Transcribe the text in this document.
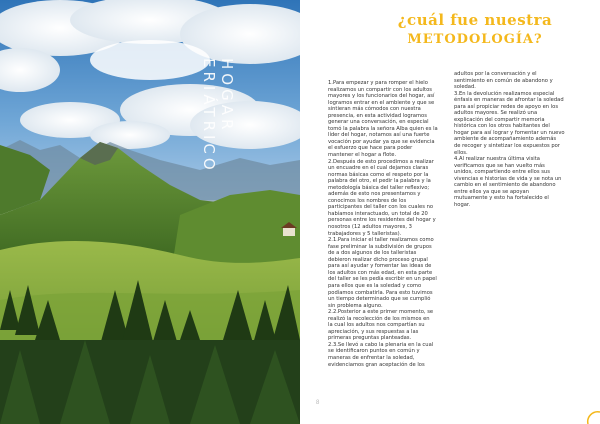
HOGAR
ERIÁTRICO
8
¿cuál fue nuestra
METODOLOGÍA?

1.Para empezar y para romper el hielo
realizamos un compartir con los adultos
mayores y los funcionarios del hogar, así
logramos entrar en el ambiente y que se
sintieran más cómodos con nuestra
presencia, en esta actividad logramos
generar una conversación, en especial
tomó la palabra la señora Alba quien es la
líder del hogar, notamos así una fuerte
vocación por ayudar ya que se evidencia
el esfuerzo que hace para poder
mantener el hogar a flote.
2.Después de esto procedimos a realizar
un encuadre en el cual dejamos claras
normas básicas como el respeto por la
palabra del otro, el pedir la palabra y la
metodología básica del taller reflexivo;
además de esto nos presentamos y
conocimos los nombres de los
participantes del taller con los cuales no
habíamos interactuado, un total de 20
personas entre los residentes del hogar y
nosotros (12 adultos mayores, 3
trabajadores y 5 talleristas).
2.1.Para iniciar el taller realizamos como
fase preliminar la subdivisión de grupos
de a dos algunos de los talleristas
debieron realizar dicho proceso grupal
para así ayudar y fomentar las ideas de
los adultos con más edad, en esta parte
del taller se les pedía escribir en un papel
para ellos que es la soledad y como
podíamos combatirla. Para esto tuvimos
un tiempo determinado que se cumplió
sin problema alguno.
2.2.Posterior a este primer momento, se
realizó la recolección de los mismos en
la cual los adultos nos compartían su
apreciación, y sus respuestas a las
primeras preguntas planteadas.
2.3.Se llevó a cabo la plenaria en la cual
se identificaron puntos en común y
maneras de enfrentar la soledad,
evidenciamos gran aceptación de los

adultos por la conversación y el
sentimiento en común de abandono y
soledad.
3.En la devolución realizamos especial
énfasis en maneras de afrontar la soledad
para así propiciar redes de apoyo en los
adultos mayores. Se realizó una
explicación del compartir memoria
histórica con los otros habitantes del
hogar para así lograr y fomentar un nuevo
ambiente de acompañamiento además
de recoger y sintetizar los expuestos por
ellos.
4.Al realizar nuestra última visita
verificamos que se han vuelto más
unidos, compartiendo entre ellos sus
vivencias e historias de vida y se nota un
cambio en el sentimiento de abandono
entre ellos ya que se apoyan
mutuamente y esto ha fortalecido el
hogar.
